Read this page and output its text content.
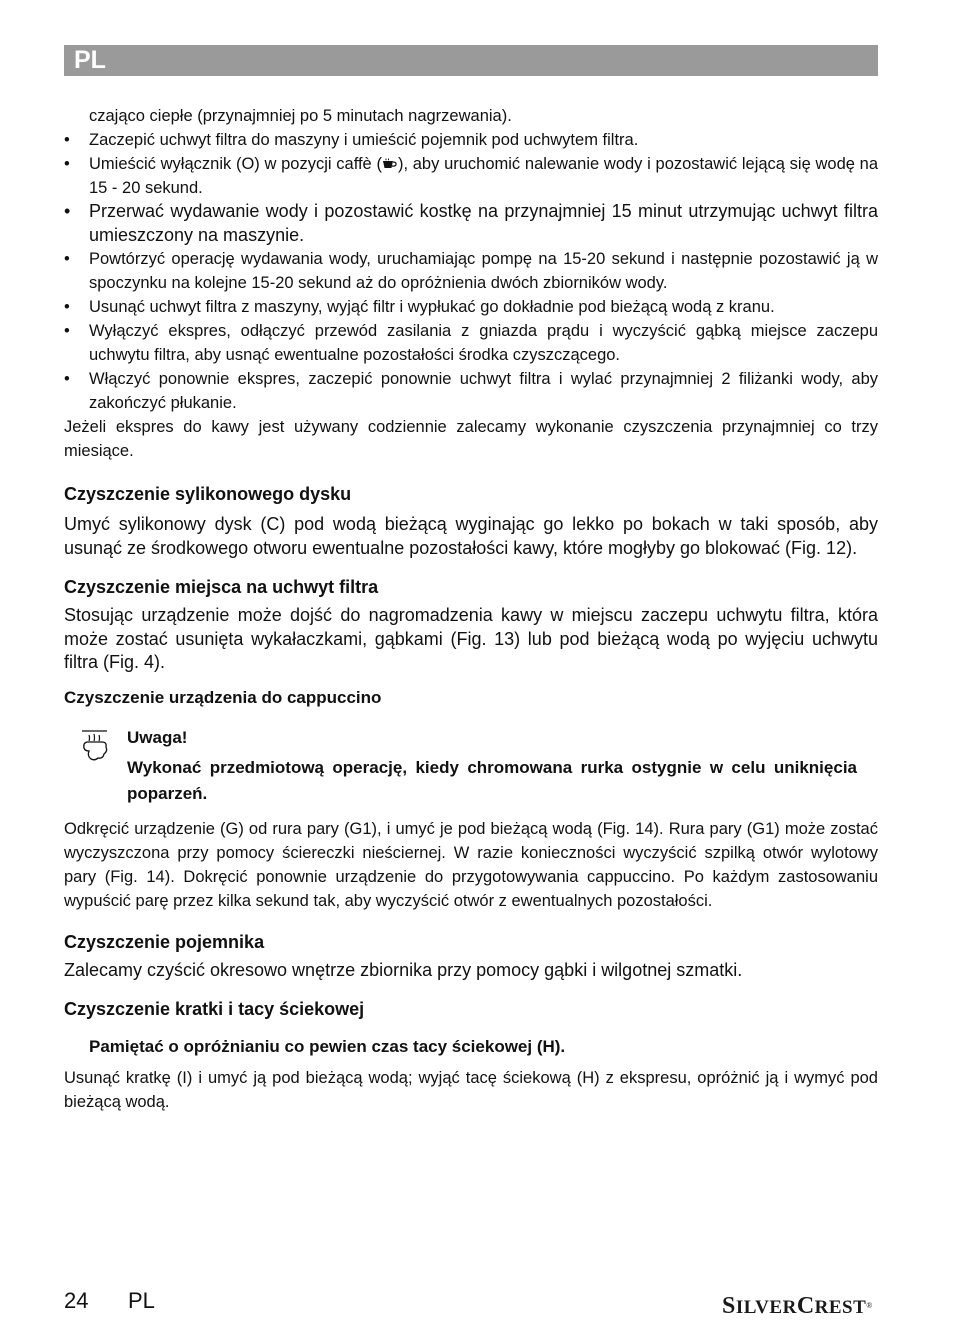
PL

czająco ciepłe (przynajmniej po 5 minutach nagrzewania).

• Zaczepić uchwyt filtra do maszyny i umieścić pojemnik pod uchwytem filtra.
• Umieścić wyłącznik (O) w pozycji caffè ( ), aby uruchomić nalewanie wody i pozostawić lejącą się wodę na 15 - 20 sekund.
• Przerwać wydawanie wody i pozostawić kostkę na przynajmniej 15 minut utrzymując uchwyt filtra umieszczony na maszynie.
• Powtórzyć operację wydawania wody, uruchamiając pompę na 15-20 sekund i następnie pozostawić ją w spoczynku na kolejne 15-20 sekund aż do opróżnienia dwóch zbiorników wody.
• Usunąć uchwyt filtra z maszyny, wyjąć filtr i wypłukać go dokładnie pod bieżącą wodą z kranu.
• Wyłączyć ekspres, odłączyć przewód zasilania z gniazda prądu i wyczyścić gąbką miejsce zaczepu uchwytu filtra, aby usnąć ewentualne pozostałości środka czyszczącego.
• Włączyć ponownie ekspres, zaczepić ponownie uchwyt filtra i wylać przynajmniej 2 filiżanki wody, aby zakończyć płukanie.

Jeżeli ekspres do kawy jest używany codziennie zalecamy wykonanie czyszczenia przynajmniej co trzy miesiące.

Czyszczenie sylikonowego dysku

Umyć sylikonowy dysk (C) pod wodą bieżącą wyginając go lekko po bokach w taki sposób, aby usunąć ze środkowego otworu ewentualne pozostałości kawy, które mogłyby go blokować (Fig. 12).

Czyszczenie miejsca na uchwyt filtra

Stosując urządzenie może dojść do nagromadzenia kawy w miejscu zaczepu uchwytu filtra, która może zostać usunięta wykałaczkami, gąbkami (Fig. 13) lub pod bieżącą wodą po wyjęciu uchwytu filtra (Fig. 4).

Czyszczenie urządzenia do cappuccino
Uwaga!
Wykonać przedmiotową operację, kiedy chromowana rurka ostygnie w celu uniknięcia poparzeń.

Odkręcić urządzenie (G) od rura pary (G1), i umyć je pod bieżącą wodą (Fig. 14). Rura pary (G1) może zostać wyczyszczona przy pomocy ściereczki nieściernej. W razie konieczności wyczyścić szpilką otwór wylotowy pary (Fig. 14). Dokręcić ponownie urządzenie do przygotowywania cappuccino. Po każdym zastosowaniu wypuścić parę przez kilka sekund tak, aby wyczyścić otwór z ewentualnych pozostałości.

Czyszczenie pojemnika

Zalecamy czyścić okresowo wnętrze zbiornika przy pomocy gąbki i wilgotnej szmatki.

Czyszczenie kratki i tacy ściekowej
Pamiętać o opróżnianiu co pewien czas tacy ściekowej (H).

Usunąć kratkę (I) i umyć ją pod bieżącą wodą; wyjąć tacę ściekową (H) z ekspresu, opróżnić ją i wymyć pod bieżącą wodą.

24 PL	SILVERCREST®
